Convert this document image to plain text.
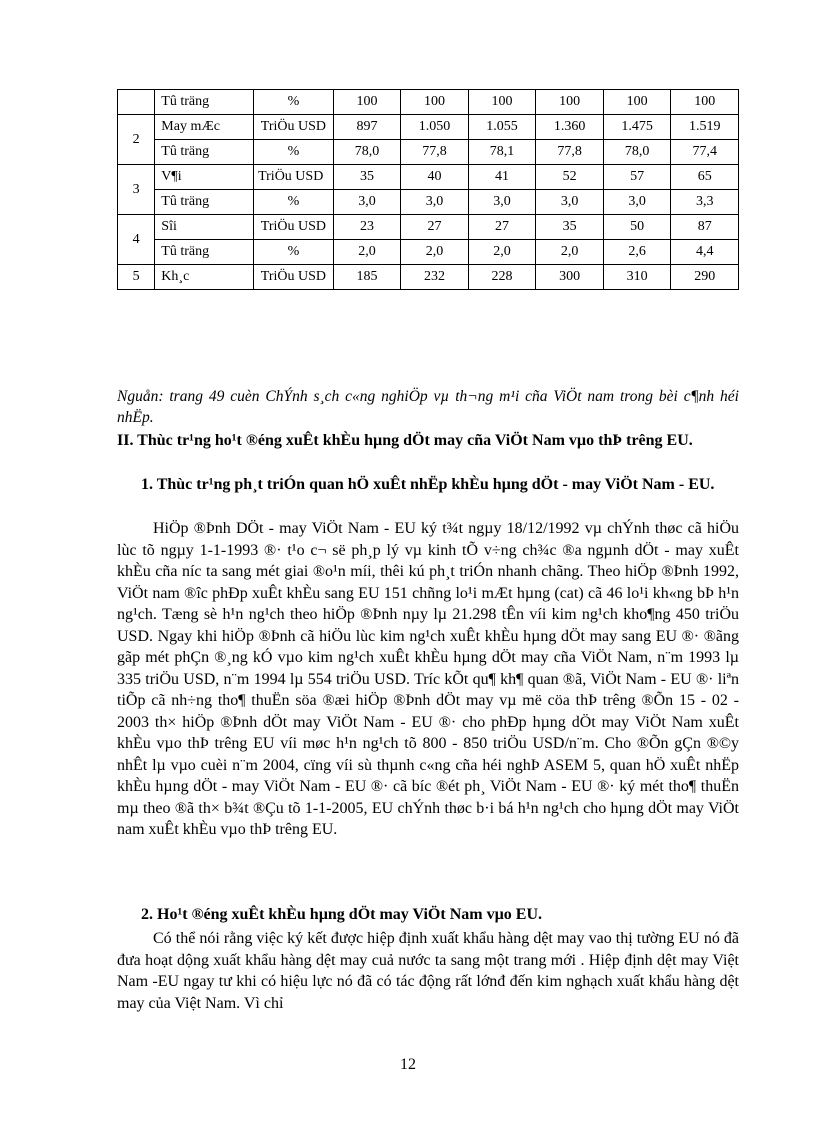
	Tû träng	%	100	100	100	100	100	100
2	May mÆc	TriÖu USD	897	1.050	1.055	1.360	1.475	1.519
	Tû träng	%	78,0	77,8	78,1	77,8	78,0	77,4
3	V¶i	TriÖu USD	35	40	41	52	57	65
	Tû träng	%	3,0	3,0	3,0	3,0	3,0	3,3
4	Sîi	TriÖu USD	23	27	27	35	50	87
	Tû träng	%	2,0	2,0	2,0	2,0	2,6	4,4
5	Kh¸c	TriÖu USD	185	232	228	300	310	290
Nguån: trang 49 cuèn ChÝnh s¸ch c«ng nghiÖp vµ th¬ng m¹i cña ViÖt nam trong bèi c¶nh héi nhËp.
II. Thùc tr¹ng ho¹t ®éng xuÊt khÈu hµng dÖt may cña ViÖt Nam vµo thÞ trêng EU.
1. Thùc tr¹ng ph¸t triÓn quan hÖ xuÊt nhËp khÈu hµng dÖt - may ViÖt Nam - EU.
HiÖp ®Þnh DÖt - may ViÖt Nam - EU ký t¾t ngµy 18/12/1992 vµ chÝnh thøc cã hiÖu lùc tõ ngµy 1-1-1993 ®· t¹o c¬ së ph¸p lý vµ kinh tÕ v÷ng ch¾c ®a ngµnh dÖt - may xuÊt khÈu cña níc ta sang mét giai ®o¹n míi, thêi kú ph¸t triÓn nhanh chãng. Theo hiÖp ®Þnh 1992, ViÖt nam ®îc phÐp xuÊt khÈu sang EU 151 chñng lo¹i mÆt hµng (cat) cã 46 lo¹i kh«ng bÞ h¹n ng¹ch. Tæng sè h¹n ng¹ch theo hiÖp ®Þnh nµy lµ 21.298 tÊn víi kim ng¹ch kho¶ng 450 triÖu USD. Ngay khi hiÖp ®Þnh cã hiÖu lùc kim ng¹ch xuÊt khÈu hµng dÖt may sang EU ®· ®ãng gãp mét phÇn ®¸ng kÓ vµo kim ng¹ch xuÊt khÈu hµng dÖt may cña ViÖt Nam, n¨m 1993 lµ 335 triÖu USD, n¨m 1994 lµ 554 triÖu USD. Tríc kÕt qu¶ kh¶ quan ®ã, ViÖt Nam - EU ®· liªn tiÕp cã nh÷ng tho¶ thuËn söa ®æi hiÖp ®Þnh dÖt may vµ më cöa thÞ trêng ®Õn 15 - 02 - 2003 th× hiÖp ®Þnh dÖt may ViÖt Nam - EU ®· cho phÐp hµng dÖt may ViÖt Nam xuÊt khÈu vµo thÞ trêng EU víi møc h¹n ng¹ch tõ 800 - 850 triÖu USD/n¨m. Cho ®Õn gÇn ®©y nhÊt lµ vµo cuèi n¨m 2004, cïng víi sù thµnh c«ng cña héi nghÞ ASEM 5, quan hÖ xuÊt nhËp khÈu hµng dÖt - may ViÖt Nam - EU ®· cã bíc ®ét ph¸ ViÖt Nam - EU ®· ký mét tho¶ thuËn mµ theo ®ã th× b¾t ®Çu tõ 1-1-2005, EU chÝnh thøc b·i bá h¹n ng¹ch cho hµng dÖt may ViÖt nam xuÊt khÈu vµo thÞ trêng EU.
2. Ho¹t ®éng xuÊt khÈu hµng dÖt may ViÖt Nam vµo EU.
Có thể nói rằng việc ký kết được hiệp định xuất khẩu hàng dệt may vao thị tường EU nó đã đưa hoạt dộng xuất khẩu hàng dệt may cuả nước ta sang một trang mới . Hiệp định dệt may Việt Nam -EU ngay tư khi có hiệu lực nó đã có tác động rất lớnđ đến kim nghạch xuất khẩu hàng dệt may của Việt Nam. Vì chỉ
12
